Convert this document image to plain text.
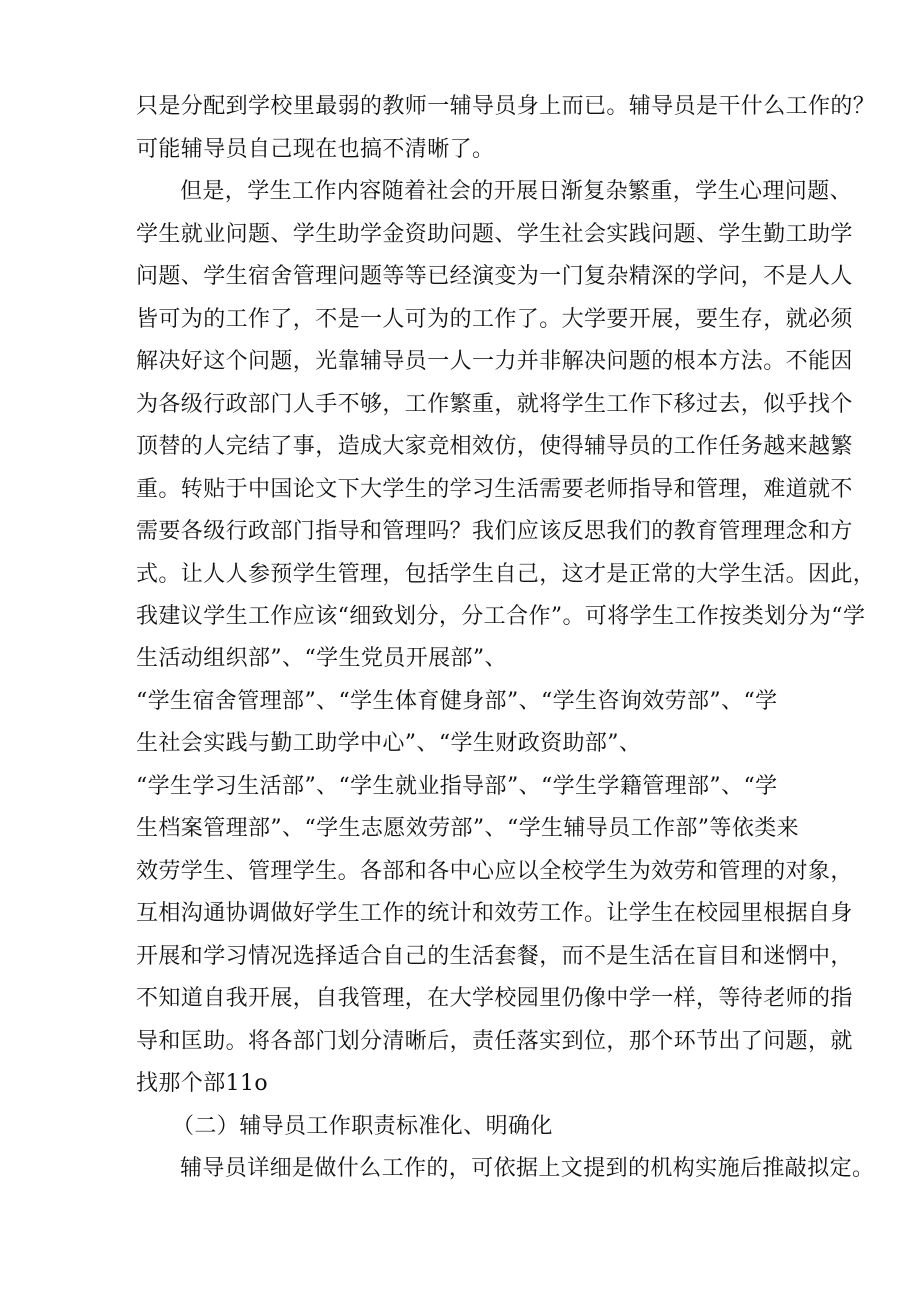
只是分配到学校里最弱的教师一辅导员身上而已。辅导员是干什么工作的？
可能辅导员自己现在也搞不清晰了。
但是，学生工作内容随着社会的开展日渐复杂繁重，学生心理问题、
学生就业问题、学生助学金资助问题、学生社会实践问题、学生勤工助学
问题、学生宿舍管理问题等等已经演变为一门复杂精深的学问，不是人人
皆可为的工作了，不是一人可为的工作了。大学要开展，要生存，就必须
解决好这个问题，光靠辅导员一人一力并非解决问题的根本方法。不能因
为各级行政部门人手不够，工作繁重，就将学生工作下移过去，似乎找个
顶替的人完结了事，造成大家竞相效仿，使得辅导员的工作任务越来越繁
重。转贴于中国论文下大学生的学习生活需要老师指导和管理，难道就不
需要各级行政部门指导和管理吗？我们应该反思我们的教育管理理念和方
式。让人人参预学生管理，包括学生自己，这才是正常的大学生活。因此，
我建议学生工作应该“细致划分，分工合作”。可将学生工作按类划分为“学
生活动组织部”、“学生党员开展部”、
“学生宿舍管理部”、“学生体育健身部”、“学生咨询效劳部”、“学
生社会实践与勤工助学中心”、“学生财政资助部”、
“学生学习生活部”、“学生就业指导部”、“学生学籍管理部”、“学
生档案管理部”、“学生志愿效劳部”、“学生辅导员工作部”等依类来
效劳学生、管理学生。各部和各中心应以全校学生为效劳和管理的对象，
互相沟通协调做好学生工作的统计和效劳工作。让学生在校园里根据自身
开展和学习情况选择适合自己的生活套餐，而不是生活在盲目和迷惘中，
不知道自我开展，自我管理，在大学校园里仍像中学一样，等待老师的指
导和匡助。将各部门划分清晰后，责任落实到位，那个环节出了问题，就
找那个部11o
（二）辅导员工作职责标准化、明确化
辅导员详细是做什么工作的，可依据上文提到的机构实施后推敲拟定。
